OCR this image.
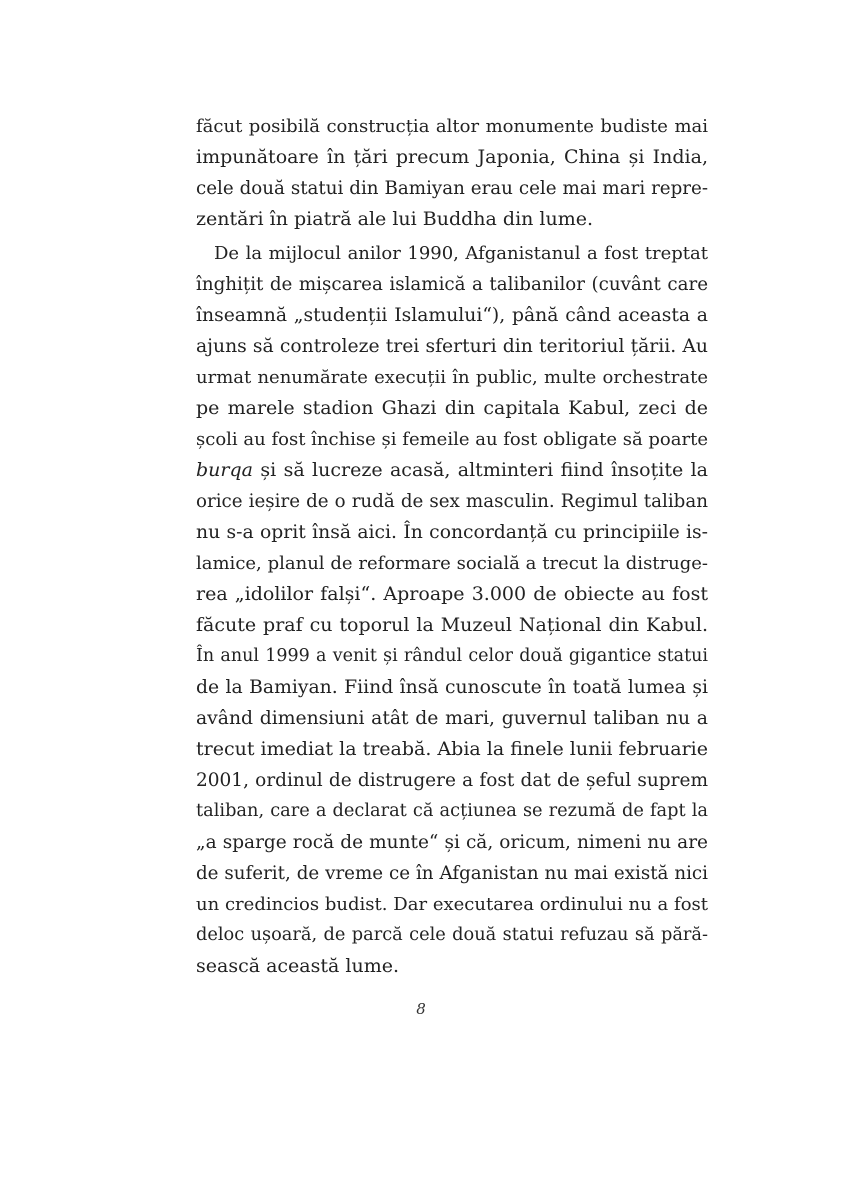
făcut posibilă construcția altor monumente budiste mai
impunătoare în țări precum Japonia, China și India,
cele două statui din Bamiyan erau cele mai mari repre-
zentări în piatră ale lui Buddha din lume.
De la mijlocul anilor 1990, Afganistanul a fost treptat
înghițit de mișcarea islamică a talibanilor (cuvânt care
înseamnă „studenții Islamului“), până când aceasta a
ajuns să controleze trei sferturi din teritoriul țării. Au
urmat nenumărate execuții în public, multe orchestrate
pe marele stadion Ghazi din capitala Kabul, zeci de
școli au fost închise și femeile au fost obligate să poarte
burqa și să lucreze acasă, altminteri fiind însoțite la
orice ieșire de o rudă de sex masculin. Regimul taliban
nu s-a oprit însă aici. În concordanță cu principiile is-
lamice, planul de reformare socială a trecut la distruge-
rea „idolilor falși“. Aproape 3.000 de obiecte au fost
făcute praf cu toporul la Muzeul Național din Kabul.
În anul 1999 a venit și rândul celor două gigantice statui
de la Bamiyan. Fiind însă cunoscute în toată lumea și
având dimensiuni atât de mari, guvernul taliban nu a
trecut imediat la treabă. Abia la finele lunii februarie
2001, ordinul de distrugere a fost dat de șeful suprem
taliban, care a declarat că acțiunea se rezumă de fapt la
„a sparge rocă de munte“ și că, oricum, nimeni nu are
de suferit, de vreme ce în Afganistan nu mai există nici
un credincios budist. Dar executarea ordinului nu a fost
deloc ușoară, de parcă cele două statui refuzau să pără-
sească această lume.
8
